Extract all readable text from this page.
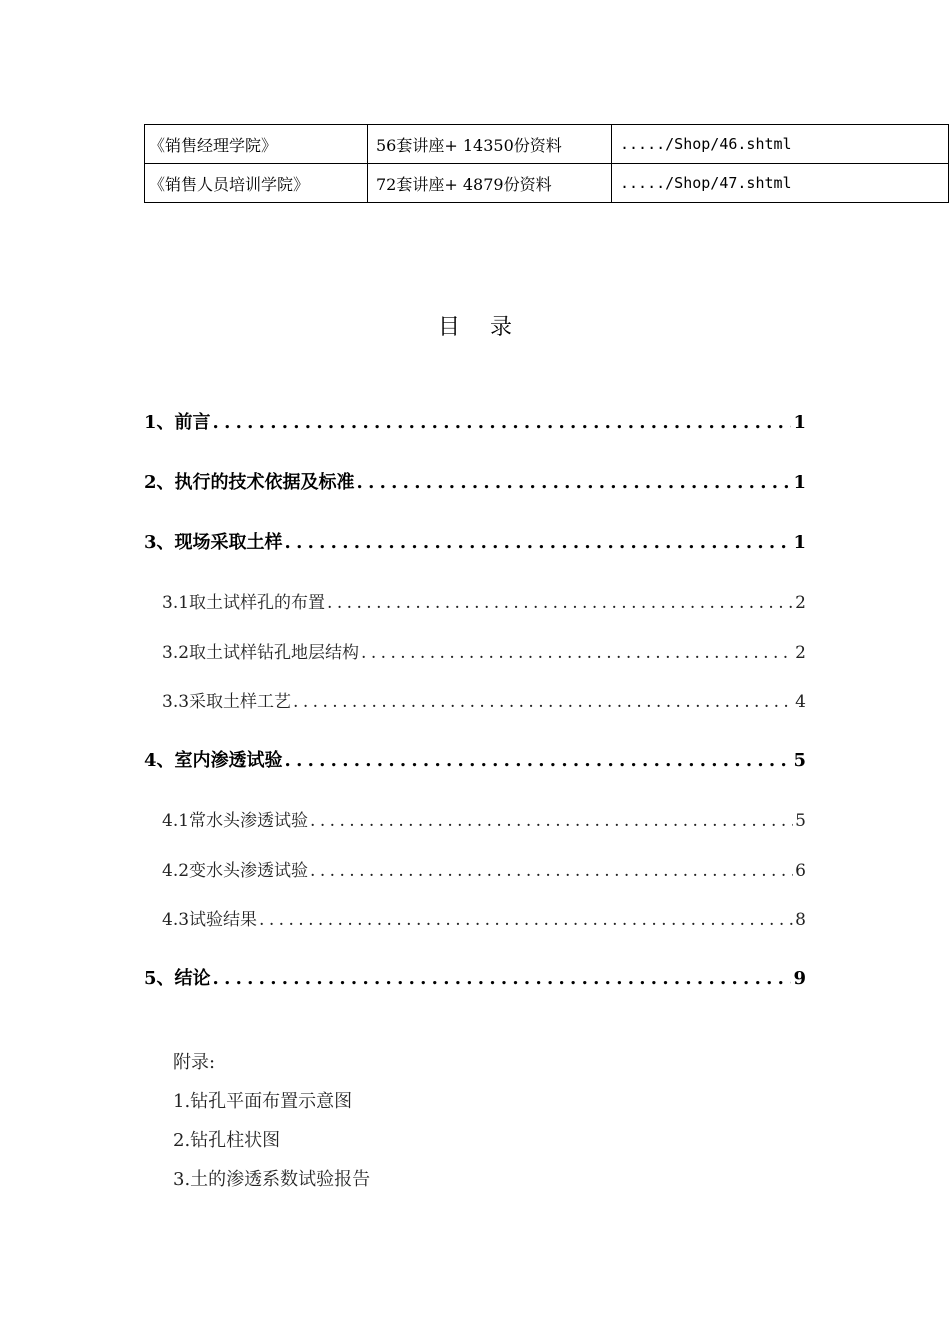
《销售经理学院》	56套讲座+ 14350份资料	...../Shop/46.shtml
《销售人员培训学院》	72套讲座+ 4879份资料	...../Shop/47.shtml
目录
1、前言 . . .	1
2、执行的技术依据及标准 . . .	1
3、现场采取土样 . . .	1
3.1取土试样孔的布置 . . .	2
3.2取土试样钻孔地层结构 . . .	2
3.3采取土样工艺 . . .	4
4、室内渗透试验 . . .	5
4.1常水头渗透试验 . . .	5
4.2变水头渗透试验 . . .	6
4.3试验结果 . . .	8
5、结论 . . .	9
附录:
1.钻孔平面布置示意图
2.钻孔柱状图
3.土的渗透系数试验报告
